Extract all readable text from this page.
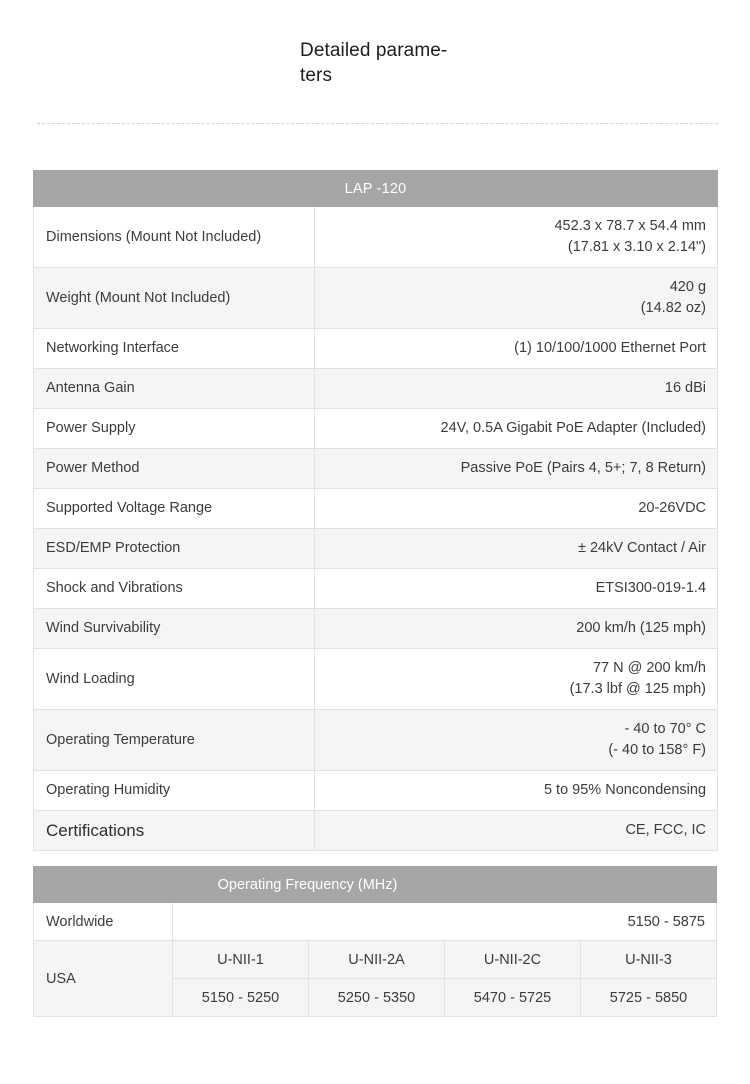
Detailed parame-
ters
LAP -120	
Dimensions (Mount Not Included)	452.3 x 78.7 x 54.4 mm
(17.81 x 3.10 x 2.14")

Weight (Mount Not Included)	420 g
(14.82 oz)

Networking Interface	(1) 10/100/1000 Ethernet Port
Antenna Gain	16 dBi
Power Supply	24V, 0.5A Gigabit PoE Adapter (Included)
Power Method	Passive PoE (Pairs 4, 5+; 7, 8 Return)
Supported Voltage Range	20-26VDC
ESD/EMP Protection	± 24kV Contact / Air
Shock and Vibrations	ETSI300-019-1.4
Wind Survivability	200 km/h (125 mph)
Wind Loading	77 N @ 200 km/h
(17.3 lbf @ 125 mph)

Operating Temperature	- 40 to 70° C
(- 40 to 158° F)

Operating Humidity	5 to 95% Noncondensing
Certifications	CE, FCC, IC
Operating Frequency (MHz)				
Worldwide	5150 - 5875			
USA	U-NII-1	U-NII-2A	U-NII-2C	U-NII-3
	5150 - 5250	5250 - 5350	5470 - 5725	5725 - 5850
